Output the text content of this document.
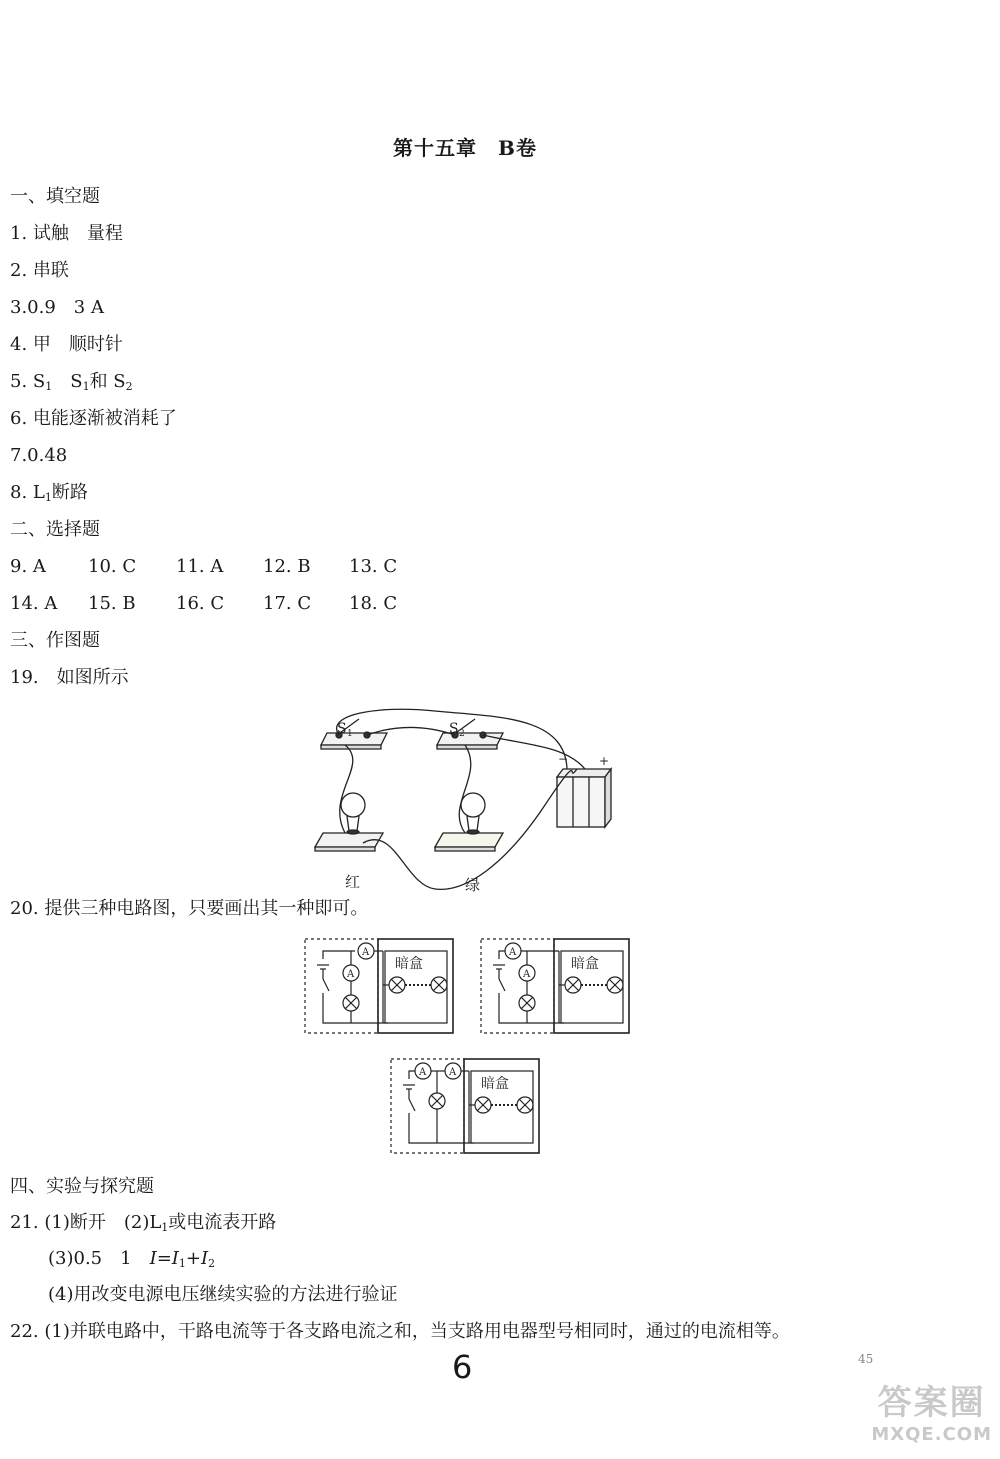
第十五章　B卷
一、填空题
1. 试触　量程
2. 串联
3.0.9　3 A
4. 甲　顺时针
5. $S_1$　$S_1$和 $S_2$
6. 电能逐渐被消耗了
7.0.48
8. $L_1$断路
二、选择题
9. A 10. C 11. A 12. B 13. C
14. A 15. B 16. C 17. C 18. C
三、作图题
19.　如图所示
S 1	S 2
−	+
红	绿
20. 提供三种电路图，只要画出其一种即可。
A
A
暗盒
A
A
暗盒
A A
暗盒
四、实验与探究题
21. (1)断开　$(2)L_1$或电流表开路
(3)0.5　1　$I=I_1+I_2$
(4)用改变电源电压继续实验的方法进行验证
22. (1)并联电路中，干路电流等于各支路电流之和，当支路用电器型号相同时，通过的电流相等。
6	45
答案圈
MXQE.COM
